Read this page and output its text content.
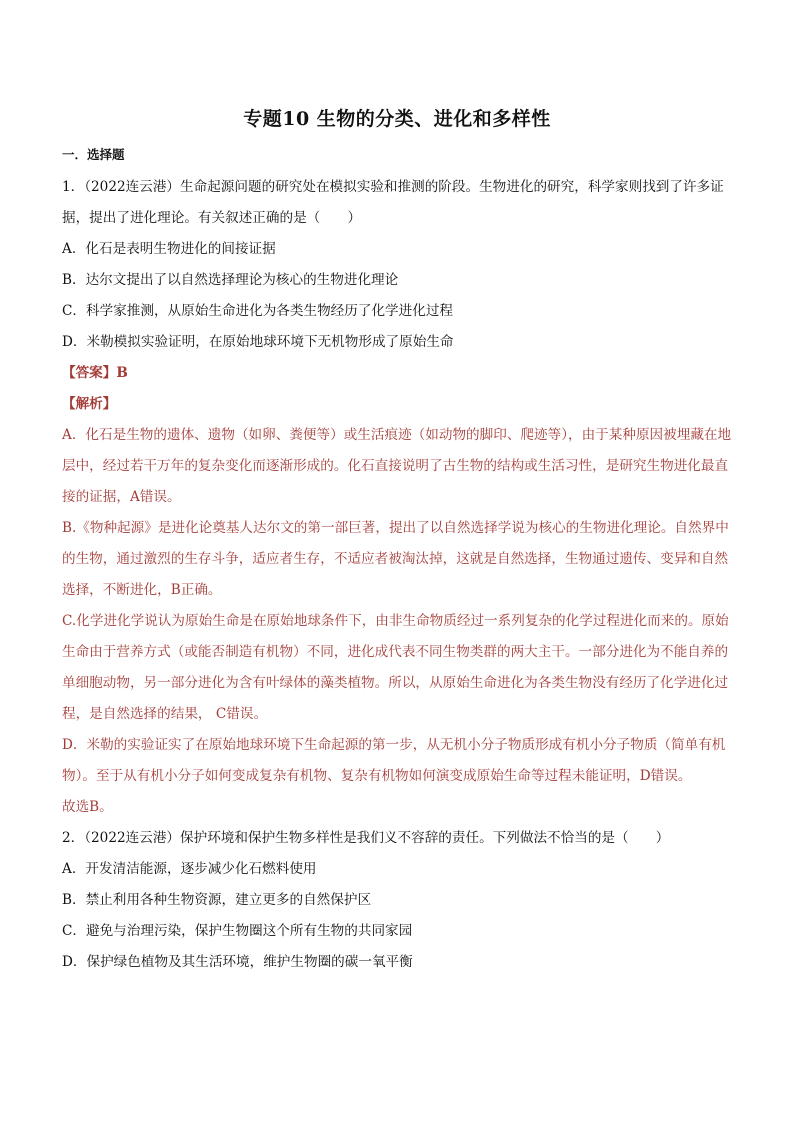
专题10 生物的分类、进化和多样性
一．选择题

1．（2022连云港）生命起源问题的研究处在模拟实验和推测的阶段。生物进化的研究，科学家则找到了许多证据，提出了进化理论。有关叙述正确的是（　　）

A．化石是表明生物进化的间接证据

B．达尔文提出了以自然选择理论为核心的生物进化理论

C．科学家推测，从原始生命进化为各类生物经历了化学进化过程

D．米勒模拟实验证明，在原始地球环境下无机物形成了原始生命

【答案】B

【解析】

A．化石是生物的遗体、遗物（如卵、粪便等）或生活痕迹（如动物的脚印、爬迹等），由于某种原因被埋藏在地层中，经过若干万年的复杂变化而逐渐形成的。化石直接说明了古生物的结构或生活习性，是研究生物进化最直接的证据，A错误。

B.《物种起源》是进化论奠基人达尔文的第一部巨著，提出了以自然选择学说为核心的生物进化理论。自然界中的生物，通过激烈的生存斗争，适应者生存，不适应者被淘汰掉，这就是自然选择，生物通过遗传、变异和自然选择，不断进化，B正确。

C.化学进化学说认为原始生命是在原始地球条件下，由非生命物质经过一系列复杂的化学过程进化而来的。原始生命由于营养方式（或能否制造有机物）不同，进化成代表不同生物类群的两大主干。一部分进化为不能自养的单细胞动物，另一部分进化为含有叶绿体的藻类植物。所以，从原始生命进化为各类生物没有经历了化学进化过程，是自然选择的结果， C错误。

D．米勒的实验证实了在原始地球环境下生命起源的第一步，从无机小分子物质形成有机小分子物质（简单有机物）。至于从有机小分子如何变成复杂有机物、复杂有机物如何演变成原始生命等过程未能证明，D错误。

故选B。

2．（2022连云港）保护环境和保护生物多样性是我们义不容辞的责任。下列做法不恰当的是（　　）

A．开发清洁能源，逐步减少化石燃料使用

B．禁止利用各种生物资源，建立更多的自然保护区

C．避免与治理污染，保护生物圈这个所有生物的共同家园

D．保护绿色植物及其生活环境，维护生物圈的碳一氧平衡
